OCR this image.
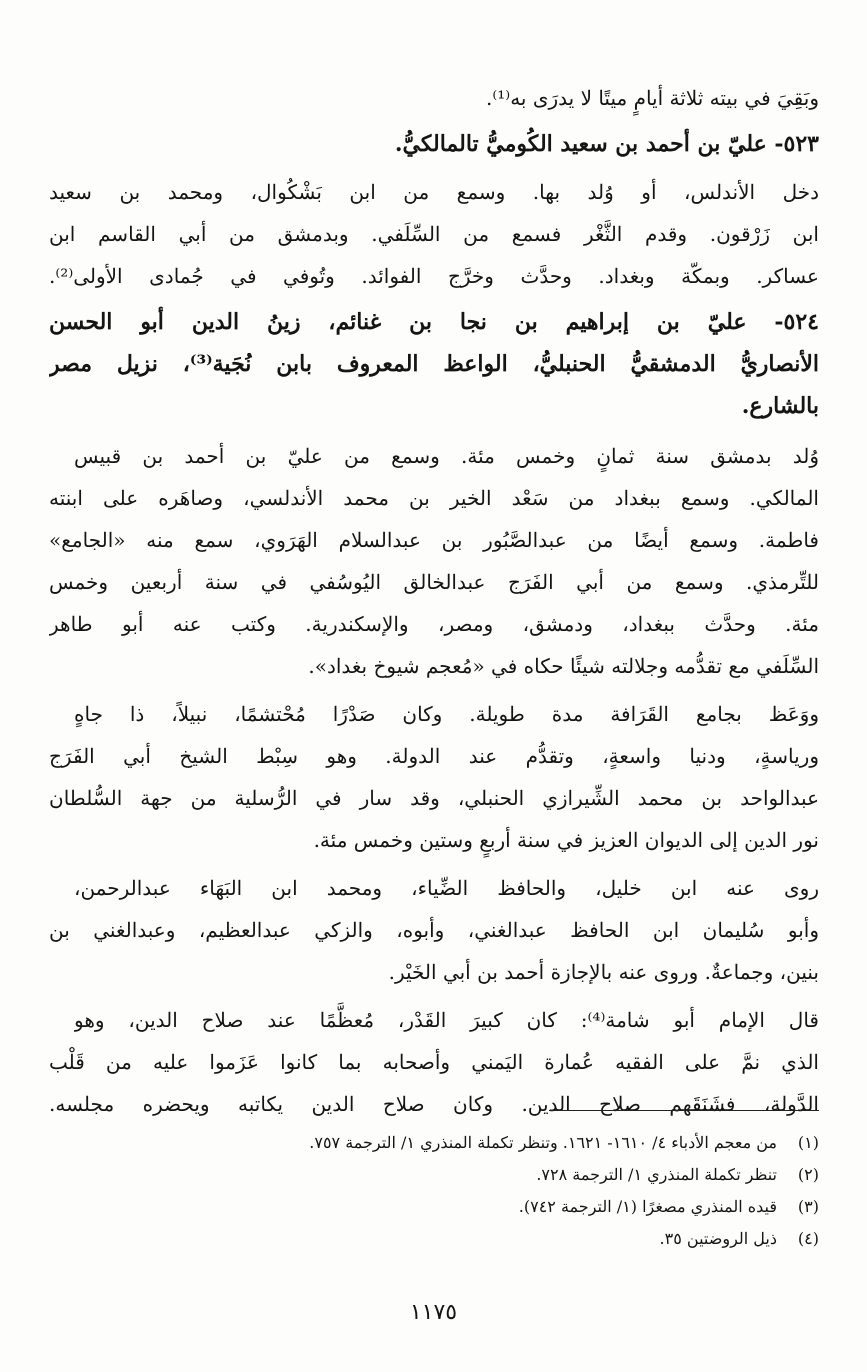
وبَقِيَ في بيته ثلاثة أيامٍ ميتًا لا يدرَى به⁽¹⁾.
٥٢٣- عليّ بن أحمد بن سعيد الكُوميُّ تالمالكيُّ.
دخل الأندلس، أو وُلد بها. وسمع من ابن بَشْكُوال، ومحمد بن سعيد
ابن زَرْقون. وقدم الثَّغْر فسمع من السِّلَفي. وبدمشق من أبي القاسم ابن
عساكر. وبمكّة وبغداد. وحدَّث وخرَّج الفوائد. وتُوفي في جُمادى الأولى⁽²⁾.
٥٢٤- عليّ بن إبراهيم بن نجا بن غنائم، زينُ الدين أبو الحسن
الأنصاريُّ الدمشقيُّ الحنبليُّ، الواعظ المعروف بابن نُجَية⁽³⁾، نزيل مصر
بالشارع.
وُلد بدمشق سنة ثمانٍ وخمس مئة. وسمع من عليّ بن أحمد بن قبيس
المالكي. وسمع ببغداد من سَعْد الخير بن محمد الأندلسي، وصاهَره على ابنته
فاطمة. وسمع أيضًا من عبدالصَّبُور بن عبدالسلام الهَرَوي، سمع منه «الجامع»
للتِّرمذي. وسمع من أبي الفَرَج عبدالخالق اليُوسُفي في سنة أربعين وخمس
مئة. وحدَّث ببغداد، ودمشق، ومصر، والإسكندرية. وكتب عنه أبو طاهر
السِّلَفي مع تقدُّمه وجلالته شيئًا حكاه في «مُعجم شيوخ بغداد».
ووَعَظ بجامع القَرَافة مدة طويلة. وكان صَدْرًا مُحْتشمًا، نبيلاً، ذا جاهٍ
ورياسةٍ، ودنيا واسعةٍ، وتقدُّم عند الدولة. وهو سِبْط الشيخ أبي الفَرَج
عبدالواحد بن محمد الشِّيرازي الحنبلي، وقد سار في الرُّسلية من جهة السُّلطان
نور الدين إلى الديوان العزيز في سنة أربعٍ وستين وخمس مئة.
روى عنه ابن خليل، والحافظ الضِّياء، ومحمد ابن البَهَاء عبدالرحمن،
وأبو سُليمان ابن الحافظ عبدالغني، وأبوه، والزكي عبدالعظيم، وعبدالغني بن
بنين، وجماعةٌ. وروى عنه بالإجازة أحمد بن أبي الخَيْر.
قال الإمام أبو شامة⁽⁴⁾: كان كبيرَ القَدْر، مُعظَّمًا عند صلاح الدين، وهو
الذي نمَّ على الفقيه عُمارة اليَمني وأصحابه بما كانوا عَزَموا عليه من قَلْب
الدَّولة، فشَنَقَهم صلاح الدين. وكان صلاح الدين يكاتبه ويحضره مجلسه.
(١)من معجم الأدباء ٤/ ١٦١٠- ١٦٢١. وتنظر تكملة المنذري ١/ الترجمة ٧٥٧.
(٢)تنظر تكملة المنذري ١/ الترجمة ٧٢٨.
(٣)قيده المنذري مصغرًا (١/ الترجمة ٧٤٢).
(٤)ذيل الروضتين ٣٥.
١١٧٥
